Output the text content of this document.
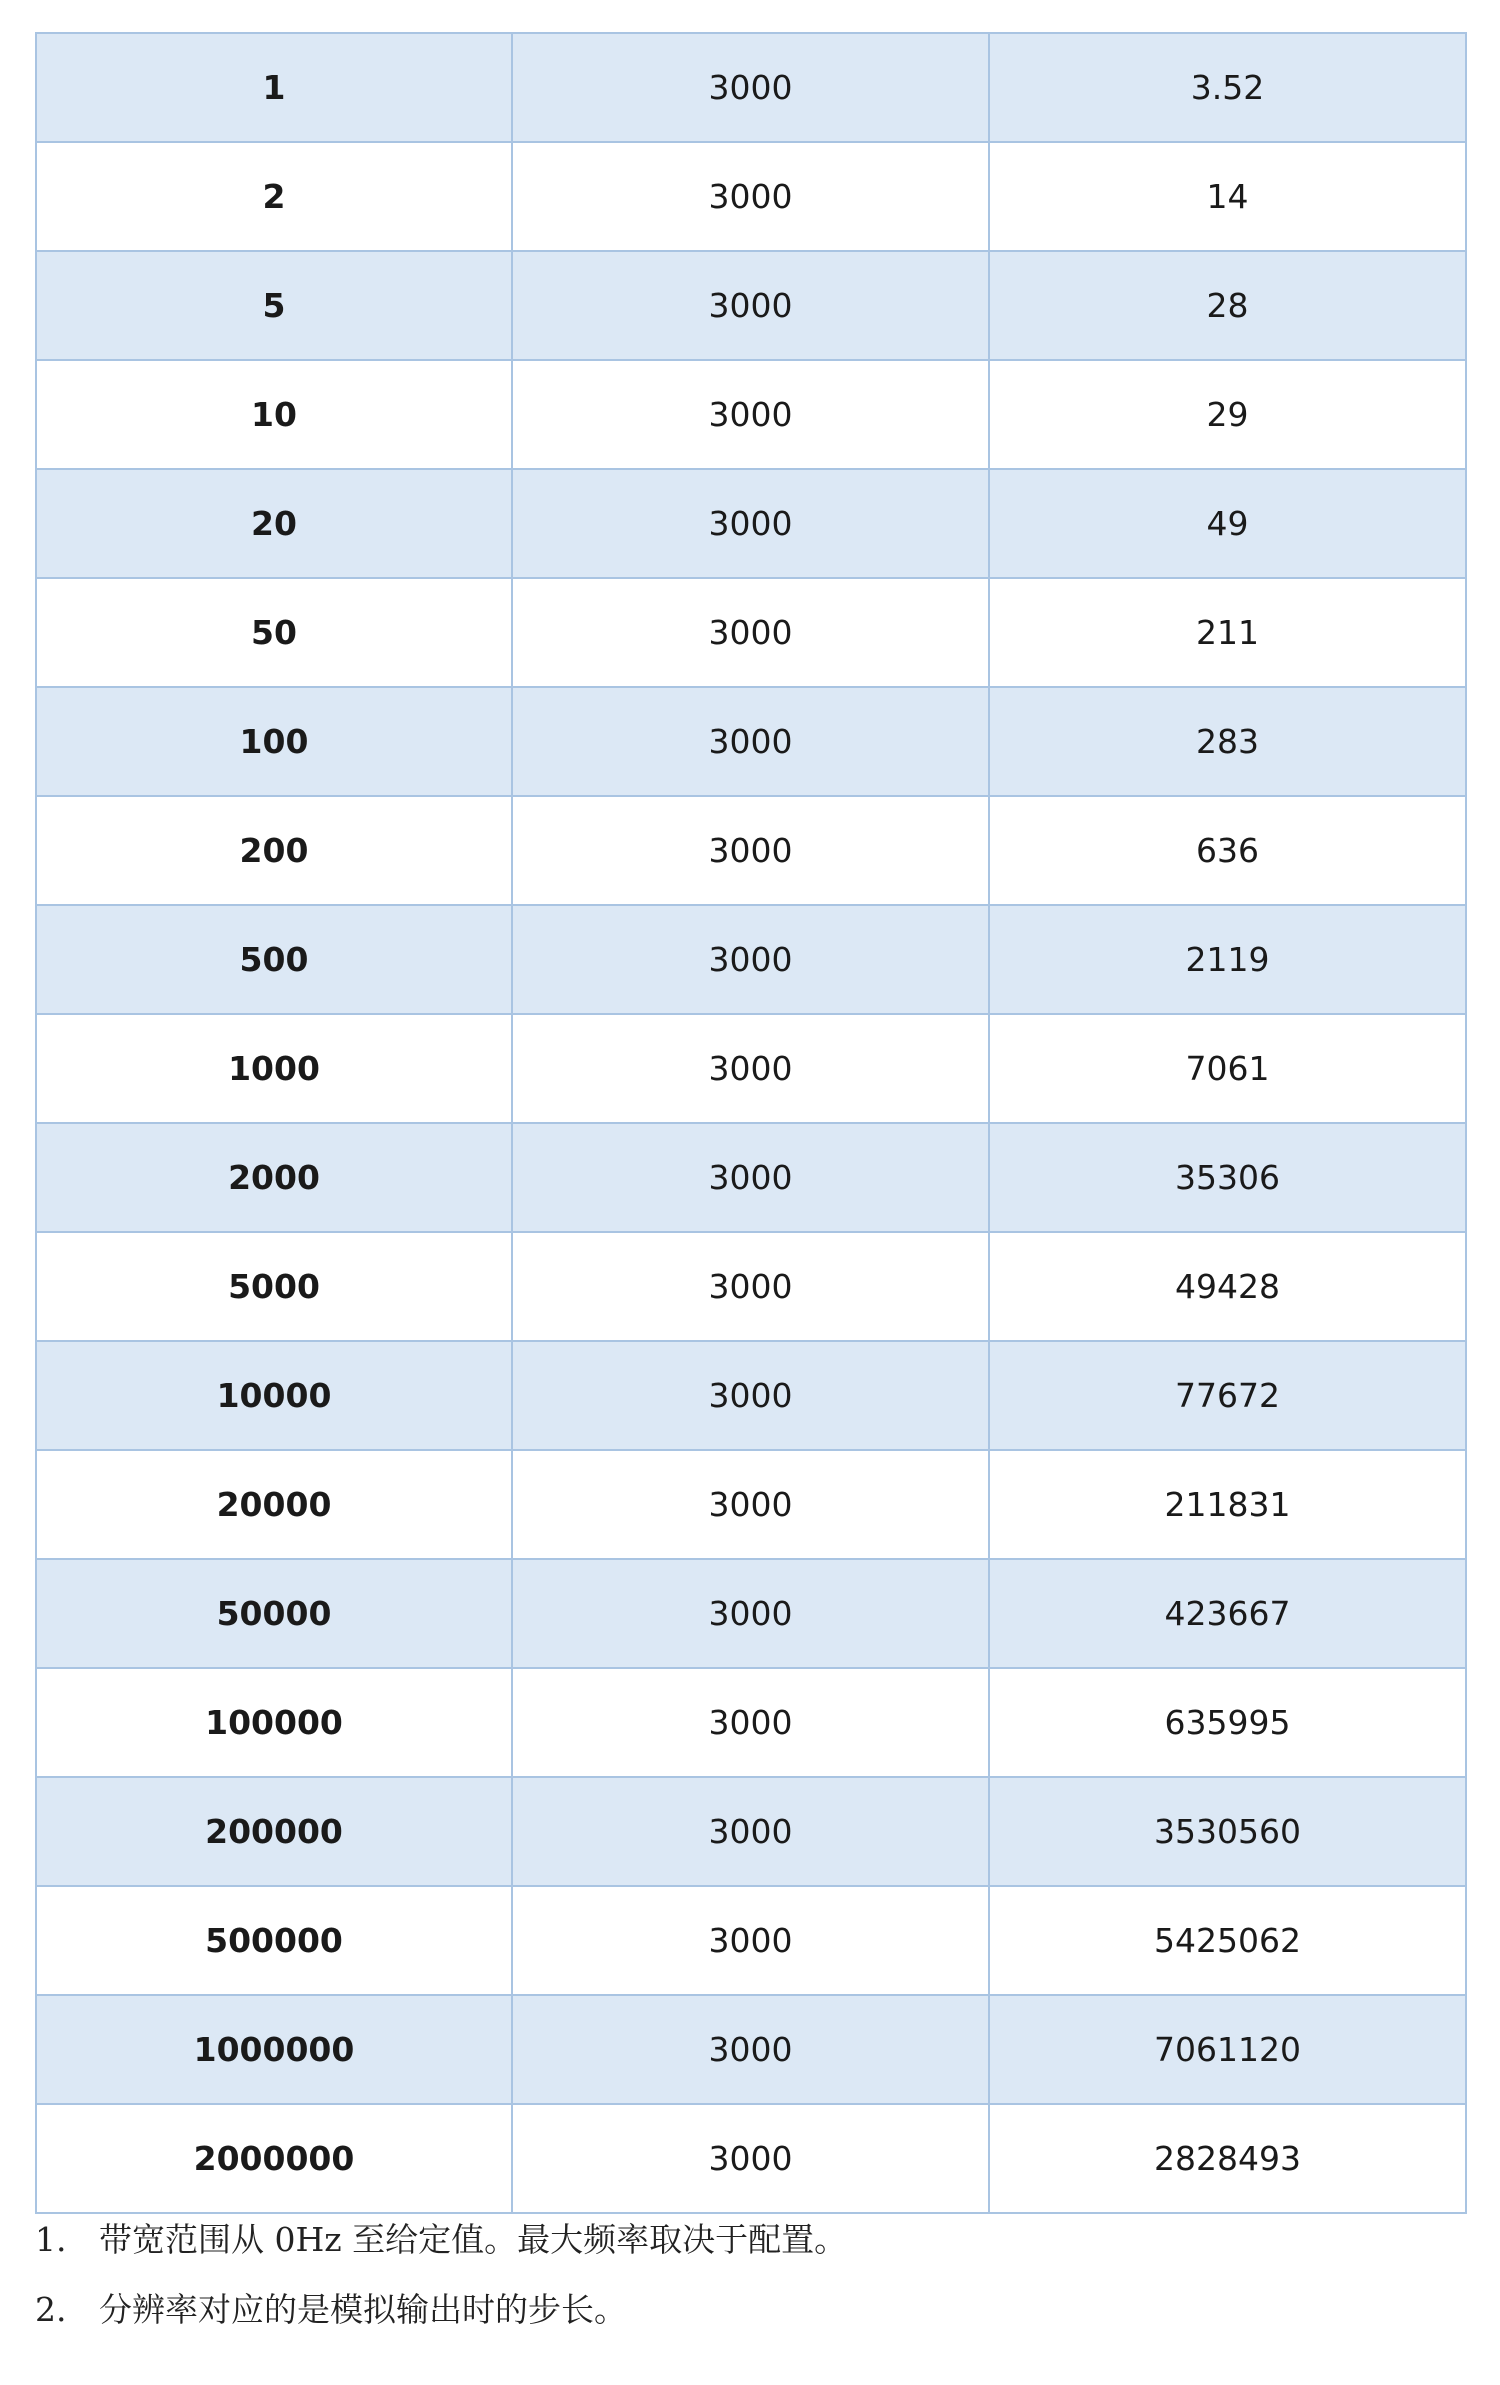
1	3000	3.52
2	3000	14
5	3000	28
10	3000	29
20	3000	49
50	3000	211
100	3000	283
200	3000	636
500	3000	2119
1000	3000	7061
2000	3000	35306
5000	3000	49428
10000	3000	77672
20000	3000	211831
50000	3000	423667
100000	3000	635995
200000	3000	3530560
500000	3000	5425062
1000000	3000	7061120
2000000	3000	2828493
1. 带宽范围从 0Hz 至给定值。最大频率取决于配置。
2. 分辨率对应的是模拟输出时的步长。
